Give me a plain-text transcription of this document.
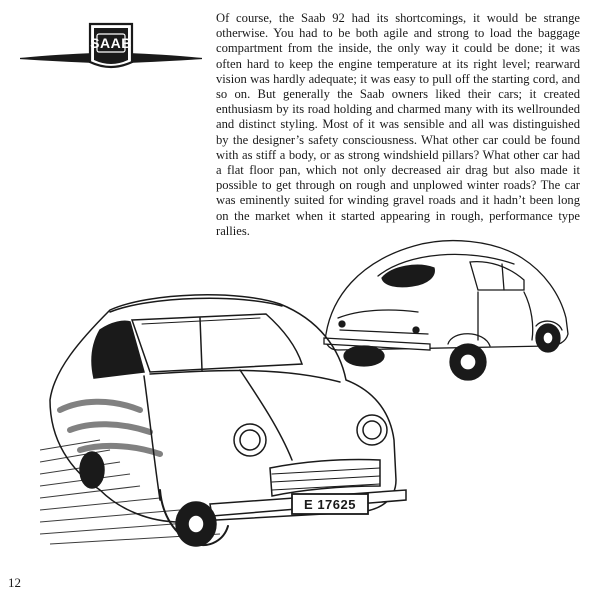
SAAB

Of course, the Saab 92 had its shortcomings, it would be strange otherwise. You had to be both agile and strong to load the baggage compartment from the inside, the only way it could be done; it was often hard to keep the engine temperature at its right level; rearward vision was hardly adequate; it was easy to pull off the starting cord, and so on. But generally the Saab owners liked their cars; it created enthusiasm by its road holding and charmed many with its wellrounded and distinct styling. Most of it was sensible and all was distinguished by the designer’s safety consciousness. What other car could be found with as stiff a body, or as strong windshield pillars? What other car had a flat floor pan, which not only decreased air drag but also made it possible to get through on rough and unplowed winter roads? The car was eminently suited for winding gravel roads and it hadn’t been long on the market when it started appearing in rough, performance type rallies.

E 17625

12
